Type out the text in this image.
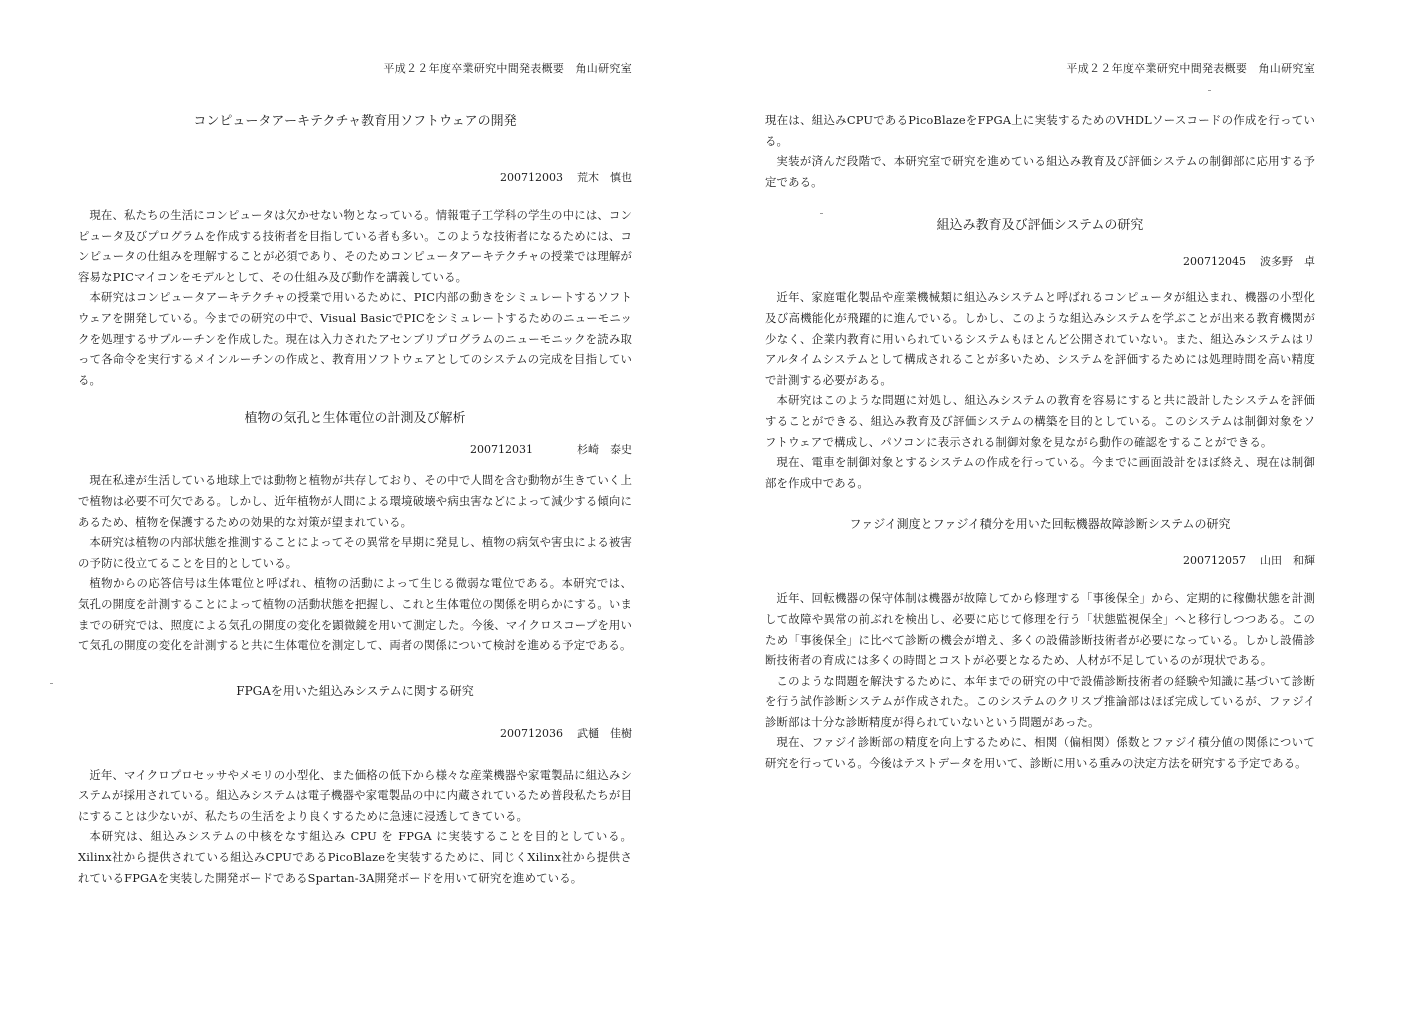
平成２２年度卒業研究中間発表概要　角山研究室

コンピュータアーキテクチャ教育用ソフトウェアの開発

200712003 荒木　慎也

現在、私たちの生活にコンピュータは欠かせない物となっている。情報電子工学科の学生の中には、コンピュータ及びプログラムを作成する技術者を目指している者も多い。このような技術者になるためには、コンピュータの仕組みを理解することが必須であり、そのためコンピュータアーキテクチャの授業では理解が容易なPICマイコンをモデルとして、その仕組み及び動作を講義している。

本研究はコンピュータアーキテクチャの授業で用いるために、PIC内部の動きをシミュレートするソフトウェアを開発している。今までの研究の中で、Visual BasicでPICをシミュレートするためのニューモニックを処理するサブルーチンを作成した。現在は入力されたアセンブリプログラムのニューモニックを読み取って各命令を実行するメインルーチンの作成と、教育用ソフトウェアとしてのシステムの完成を目指している。

植物の気孔と生体電位の計測及び解析

200712031	杉崎　泰史

現在私達が生活している地球上では動物と植物が共存しており、その中で人間を含む動物が生きていく上で植物は必要不可欠である。しかし、近年植物が人間による環境破壊や病虫害などによって減少する傾向にあるため、植物を保護するための効果的な対策が望まれている。

本研究は植物の内部状態を推測することによってその異常を早期に発見し、植物の病気や害虫による被害の予防に役立てることを目的としている。

植物からの応答信号は生体電位と呼ばれ、植物の活動によって生じる微弱な電位である。本研究では、気孔の開度を計測することによって植物の活動状態を把握し、これと生体電位の関係を明らかにする。いままでの研究では、照度による気孔の開度の変化を顕微鏡を用いて測定した。今後、マイクロスコープを用いて気孔の開度の変化を計測すると共に生体電位を測定して、両者の関係について検討を進める予定である。

FPGAを用いた組込みシステムに関する研究

200712036 武樋　佳樹

近年、マイクロプロセッサやメモリの小型化、また価格の低下から様々な産業機器や家電製品に組込みシステムが採用されている。組込みシステムは電子機器や家電製品の中に内蔵されているため普段私たちが目にすることは少ないが、私たちの生活をより良くするために急速に浸透してきている。

本研究は、組込みシステムの中核をなす組込み CPU を FPGA に実装することを目的としている。Xilinx社から提供されている組込みCPUであるPicoBlazeを実装するために、同じくXilinx社から提供されているFPGAを実装した開発ボードであるSpartan-3A開発ボードを用いて研究を進めている。

平成２２年度卒業研究中間発表概要　角山研究室

現在は、組込みCPUであるPicoBlazeをFPGA上に実装するためのVHDLソースコードの作成を行っている。

実装が済んだ段階で、本研究室で研究を進めている組込み教育及び評価システムの制御部に応用する予定である。

組込み教育及び評価システムの研究

200712045 波多野　卓

近年、家庭電化製品や産業機械類に組込みシステムと呼ばれるコンピュータが組込まれ、機器の小型化及び高機能化が飛躍的に進んでいる。しかし、このような組込みシステムを学ぶことが出来る教育機関が少なく、企業内教育に用いられているシステムもほとんど公開されていない。また、組込みシステムはリアルタイムシステムとして構成されることが多いため、システムを評価するためには処理時間を高い精度で計測する必要がある。

本研究はこのような問題に対処し、組込みシステムの教育を容易にすると共に設計したシステムを評価することができる、組込み教育及び評価システムの構築を目的としている。このシステムは制御対象をソフトウェアで構成し、パソコンに表示される制御対象を見ながら動作の確認をすることができる。

現在、電車を制御対象とするシステムの作成を行っている。今までに画面設計をほぼ終え、現在は制御部を作成中である。

ファジイ測度とファジイ積分を用いた回転機器故障診断システムの研究

200712057 山田　和輝

近年、回転機器の保守体制は機器が故障してから修理する「事後保全」から、定期的に稼働状態を計測して故障や異常の前ぶれを検出し、必要に応じて修理を行う「状態監視保全」へと移行しつつある。このため「事後保全」に比べて診断の機会が増え、多くの設備診断技術者が必要になっている。しかし設備診断技術者の育成には多くの時間とコストが必要となるため、人材が不足しているのが現状である。

このような問題を解決するために、本年までの研究の中で設備診断技術者の経験や知識に基づいて診断を行う試作診断システムが作成された。このシステムのクリスプ推論部はほぼ完成しているが、ファジイ診断部は十分な診断精度が得られていないという問題があった。

現在、ファジイ診断部の精度を向上するために、相関（偏相関）係数とファジイ積分値の関係について研究を行っている。今後はテストデータを用いて、診断に用いる重みの決定方法を研究する予定である。
